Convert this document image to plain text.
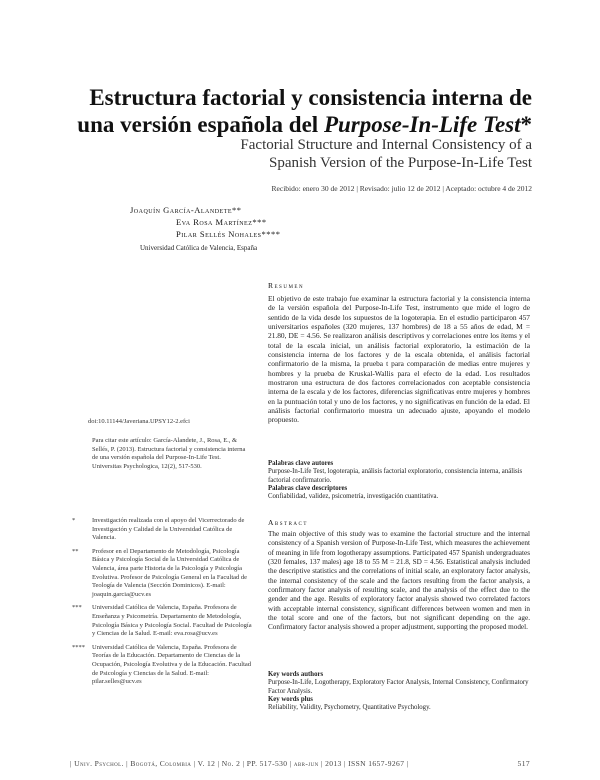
Estructura factorial y consistencia interna de
una versión española del Purpose-In-Life Test*
Factorial Structure and Internal Consistency of a
Spanish Version of the Purpose-In-Life Test
Recibido: enero 30 de 2012 | Revisado: julio 12 de 2012 | Aceptado: octubre 4 de 2012
Joaquín García-Alandete**
Eva Rosa Martínez***
Pilar Sellés Nohales****
Universidad Católica de Valencia, España
doi:10.11144/Javeriana.UPSY12-2.efci
Para citar este artículo: García-Alandete, J., Rosa, E., & Sellés, P. (2013). Estructura factorial y consistencia interna de una versión española del Purpose-In-Life Test. Universitas Psychologica, 12(2), 517-530.
*	Investigación realizada con el apoyo del Vicerrectorado de Investigación y Calidad de la Universidad Católica de Valencia.
** Profesor en el Departamento de Metodología, Psicología Básica y Psicología Social de la Universidad Católica de Valencia, área parte Historia de la Psicología y Psicología Evolutiva. Profesor de Psicología General en la Facultad de Teología de Valencia (Sección Dominicos). E-mail: joaquin.garcia@ucv.es
*** Universidad Católica de Valencia, España. Profesora de Enseñanza y Psicometría. Departamento de Metodología, Psicología Básica y Psicología Social. Facultad de Psicología y Ciencias de la Salud. E-mail: eva.rosa@ucv.es
**** Universidad Católica de Valencia, España. Profesora de Teorías de la Educación. Departamento de Ciencias de la Ocupación, Psicología Evolutiva y de la Educación. Facultad de Psicología y Ciencias de la Salud. E-mail: pilar.selles@ucv.es
Resumen
El objetivo de este trabajo fue examinar la estructura factorial y la consistencia interna de la versión española del Purpose-In-Life Test, instrumento que mide el logro de sentido de la vida desde los supuestos de la logoterapia. En el estudio participaron 457 universitarios españoles (320 mujeres, 137 hombres) de 18 a 55 años de edad, M = 21.80, DE = 4.56. Se realizaron análisis descriptivos y correlaciones entre los ítems y el total de la escala inicial, un análisis factorial exploratorio, la estimación de la consistencia interna de los factores y de la escala obtenida, el análisis factorial confirmatorio de la misma, la prueba t para comparación de medias entre mujeres y hombres y la prueba de Kruskal-Wallis para el efecto de la edad. Los resultados mostraron una estructura de dos factores correlacionados con aceptable consistencia interna de la escala y de los factores, diferencias significativas entre mujeres y hombres en la puntuación total y uno de los factores, y no significativas en función de la edad. El análisis factorial confirmatorio muestra un adecuado ajuste, apoyando el modelo propuesto.
Palabras clave autores
Purpose-In-Life Test, logoterapia, análisis factorial exploratorio, consistencia interna, análisis factorial confirmatorio.
Palabras clave descriptores
Confiabilidad, validez, psicometría, investigación cuantitativa.
Abstract
The main objective of this study was to examine the factorial structure and the internal consistency of a Spanish version of Purpose-In-Life Test, which measures the achievement of meaning in life from logotherapy assumptions. Participated 457 Spanish undergraduates (320 females, 137 males) age 18 to 55 M = 21.8, SD = 4.56. Estatistical analysis included the descriptive statistics and the correlations of initial scale, an exploratory factor analysis, the internal consistency of the scale and the factors resulting from the factor analysis, a confirmatory factor analysis of resulting scale, and the analysis of the effect due to the gender and the age. Results of exploratory factor analysis showed two correlated factors with acceptable internal consistency, significant differences between women and men in the total score and one of the factors, but not significant depending on the age. Confirmatory factor analysis showed a proper adjustment, supporting the proposed model.
Key words authors
Purpose-In-Life, Logotherapy, Exploratory Factor Analysis, Internal Consistency, Confirmatory Factor Analysis.
Key words plus
Reliability, Validity, Psychometry, Quantitative Psychology.
| Univ. Psychol. | Bogotá, Colombia | V. 12 | No. 2 | PP. 517-530 | abr-jun | 2013 | ISSN 1657-9267 |	517
